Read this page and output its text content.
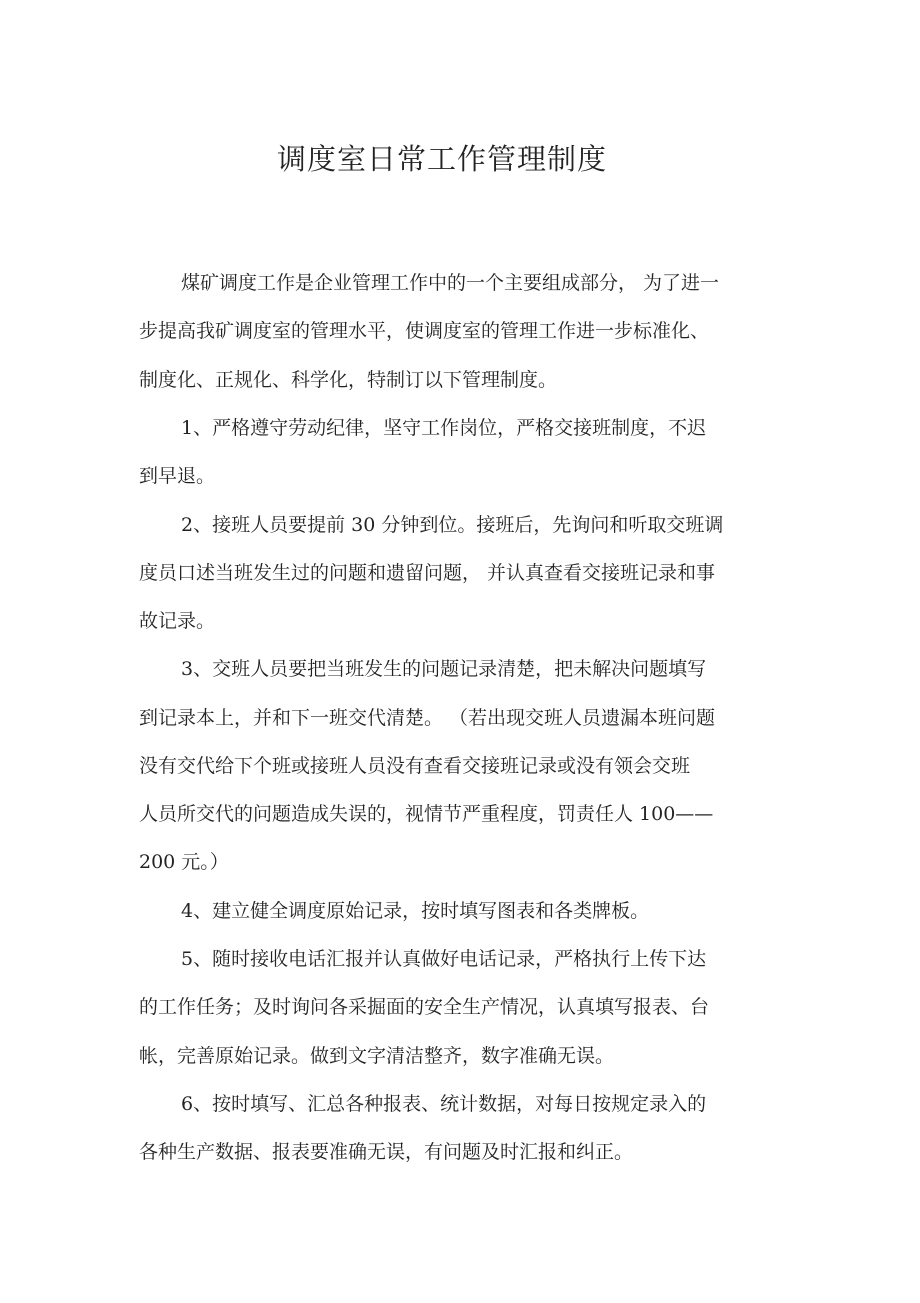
调度室日常工作管理制度
煤矿调度工作是企业管理工作中的一个主要组成部分， 为了进一
步提高我矿调度室的管理水平，使调度室的管理工作进一步标准化、
制度化、正规化、科学化，特制订以下管理制度。
1、严格遵守劳动纪律，坚守工作岗位，严格交接班制度，不迟
到早退。
2、接班人员要提前 30 分钟到位。接班后，先询问和听取交班调
度员口述当班发生过的问题和遗留问题， 并认真查看交接班记录和事
故记录。
3、交班人员要把当班发生的问题记录清楚，把未解决问题填写
到记录本上，并和下一班交代清楚。 （若出现交班人员遗漏本班问题
没有交代给下个班或接班人员没有查看交接班记录或没有领会交班
人员所交代的问题造成失误的，视情节严重程度，罚责任人 100——
200 元。）
4、建立健全调度原始记录，按时填写图表和各类牌板。
5、随时接收电话汇报并认真做好电话记录，严格执行上传下达
的工作任务；及时询问各采掘面的安全生产情况，认真填写报表、台
帐，完善原始记录。做到文字清洁整齐，数字准确无误。
6、按时填写、汇总各种报表、统计数据，对每日按规定录入的
各种生产数据、报表要准确无误，有问题及时汇报和纠正。
